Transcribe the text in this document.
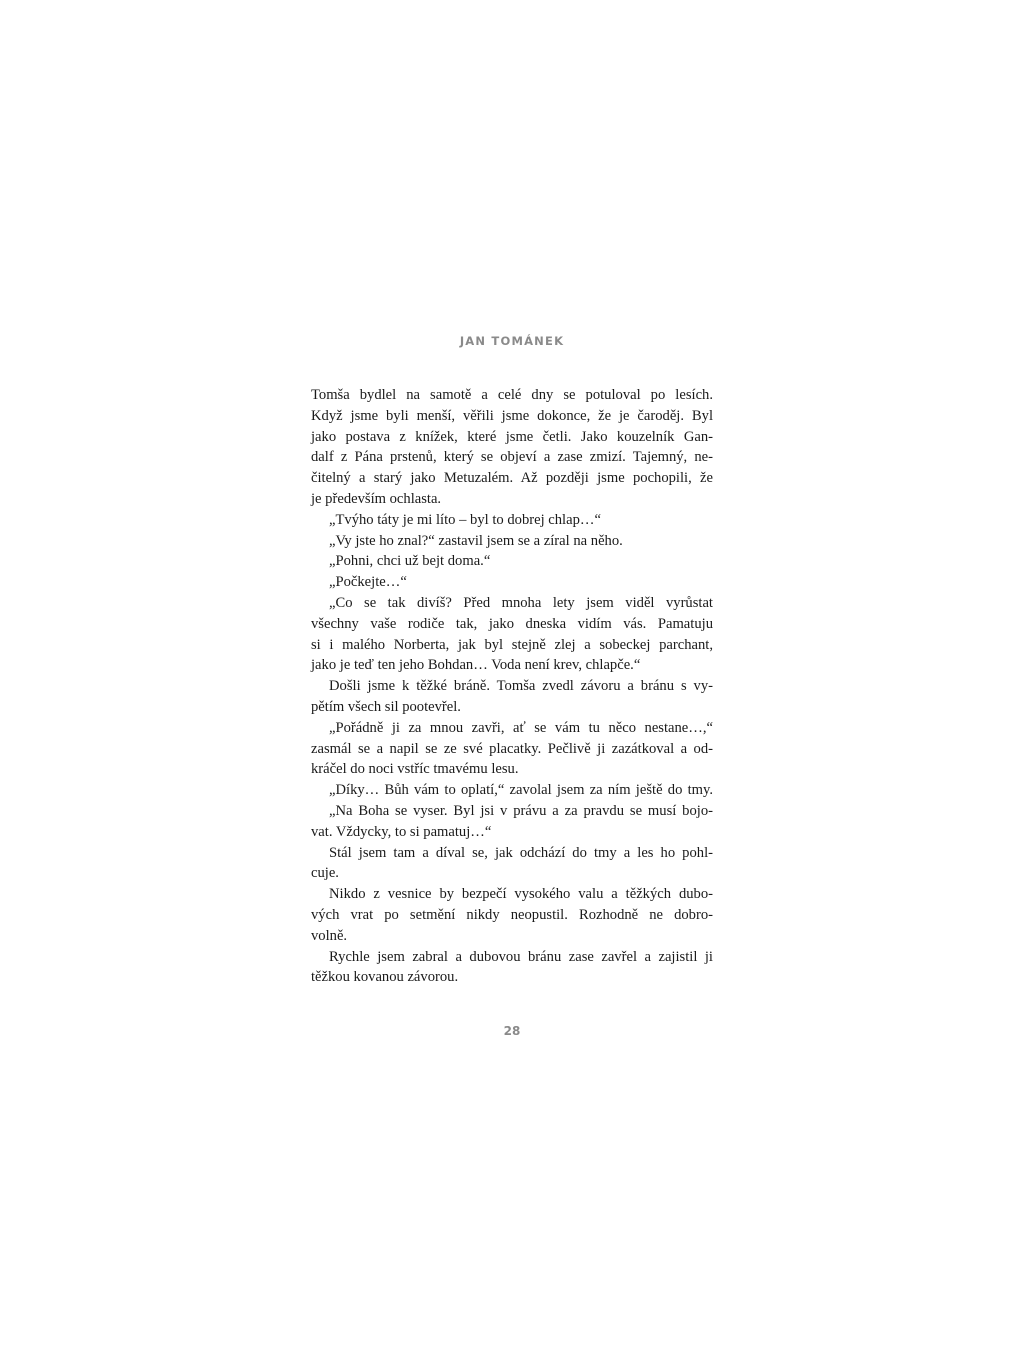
JAN TOMÁNEK
Tomša bydlel na samotě a celé dny se potuloval po lesích.
Když jsme byli menší, věřili jsme dokonce, že je čaroděj. Byl
jako postava z knížek, které jsme četli. Jako kouzelník Gan-
dalf z Pána prstenů, který se objeví a zase zmizí. Tajemný, ne-
čitelný a starý jako Metuzalém. Až později jsme pochopili, že
je především ochlasta.
„Tvýho táty je mi líto – byl to dobrej chlap…“
„Vy jste ho znal?“ zastavil jsem se a zíral na něho.
„Pohni, chci už bejt doma.“
„Počkejte…“
„Co se tak divíš? Před mnoha lety jsem viděl vyrůstat
všechny vaše rodiče tak, jako dneska vidím vás. Pamatuju
si i malého Norberta, jak byl stejně zlej a sobeckej parchant,
jako je teď ten jeho Bohdan… Voda není krev, chlapče.“
Došli jsme k těžké bráně. Tomša zvedl závoru a bránu s vy-
pětím všech sil pootevřel.
„Pořádně ji za mnou zavři, ať se vám tu něco nestane…,“
zasmál se a napil se ze své placatky. Pečlivě ji zazátkoval a od-
kráčel do noci vstříc tmavému lesu.
„Díky… Bůh vám to oplatí,“ zavolal jsem za ním ještě do tmy.
„Na Boha se vyser. Byl jsi v právu a za pravdu se musí bojo-
vat. Vždycky, to si pamatuj…“
Stál jsem tam a díval se, jak odchází do tmy a les ho pohl-
cuje.
Nikdo z vesnice by bezpečí vysokého valu a těžkých dubo-
vých vrat po setmění nikdy neopustil. Rozhodně ne dobro-
volně.
Rychle jsem zabral a dubovou bránu zase zavřel a zajistil ji
těžkou kovanou závorou.
28
